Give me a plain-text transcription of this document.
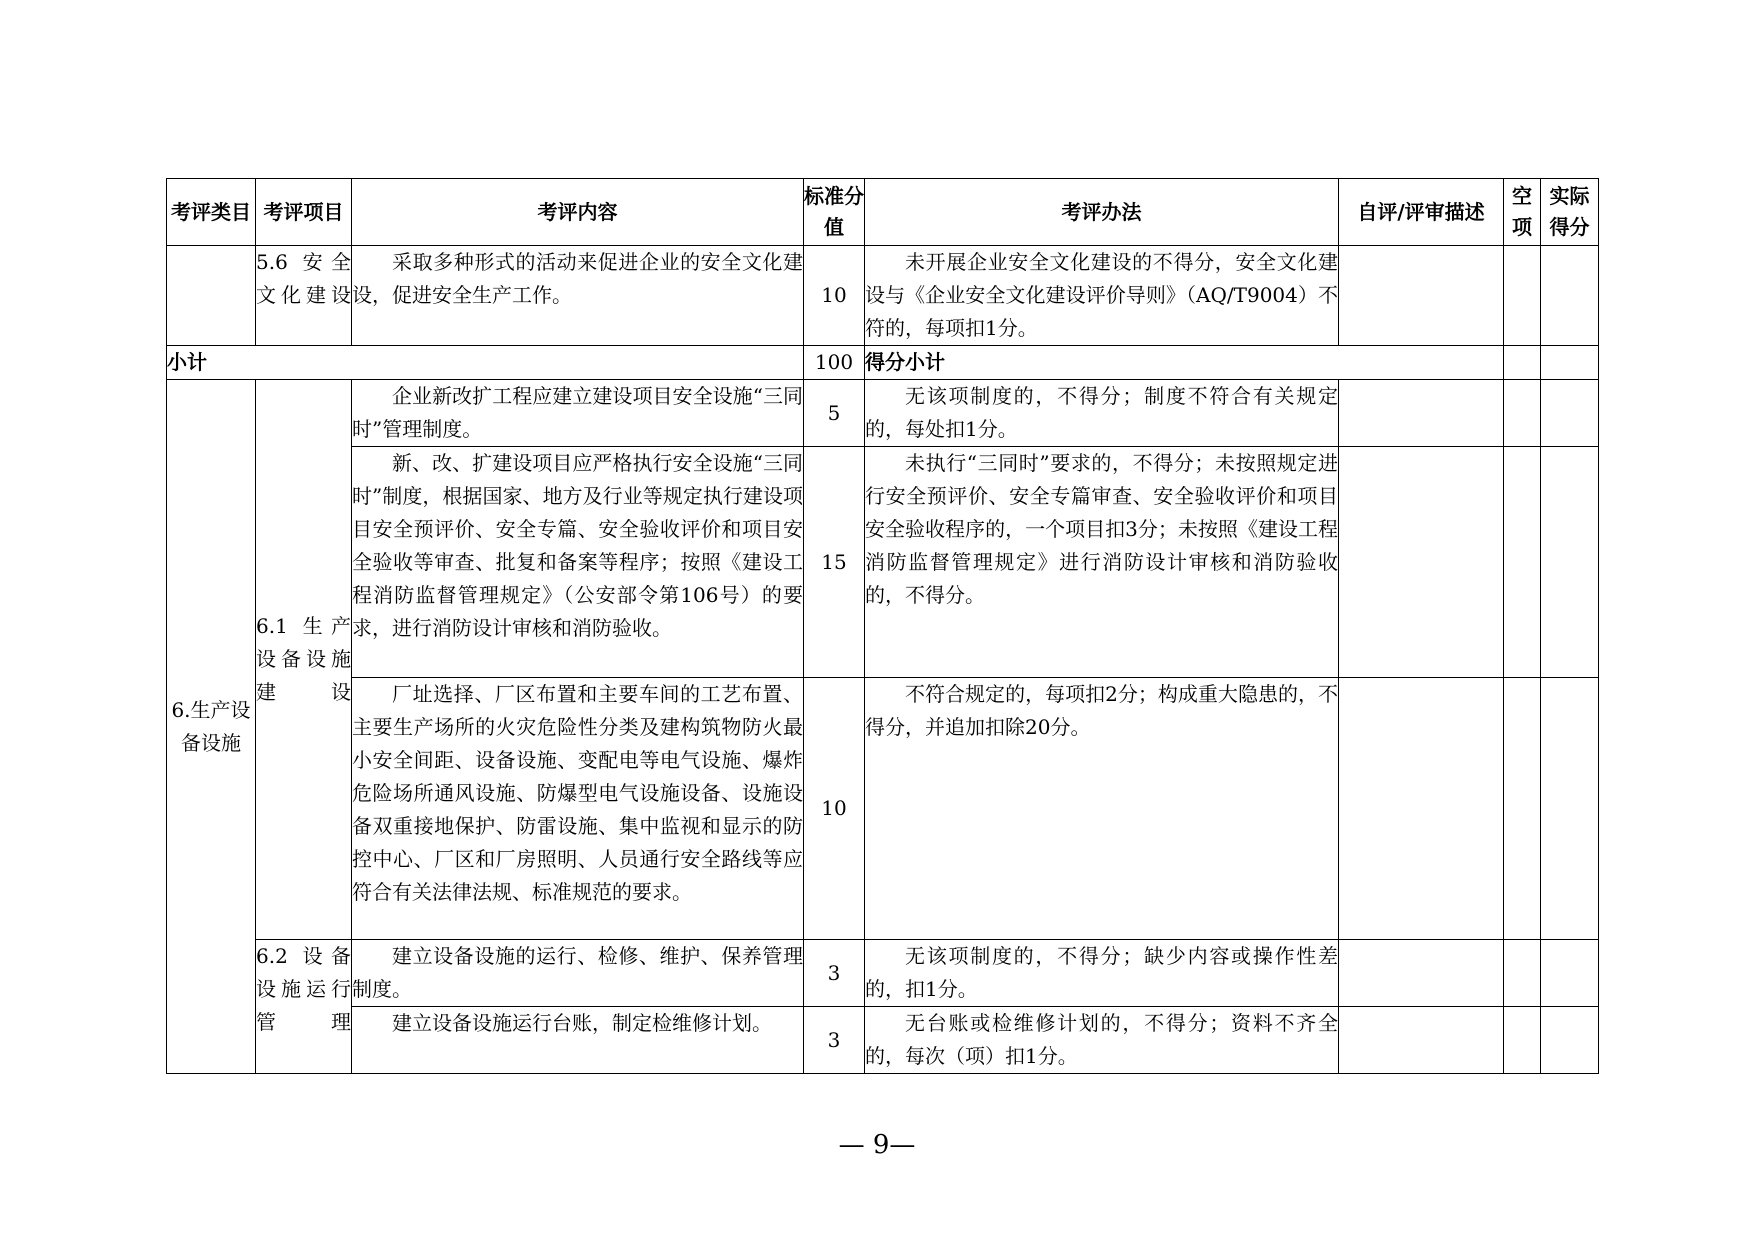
考评类目	考评项目	考评内容	标准分值	考评办法	自评/评审描述	空项	实际得分
	5.6 安全文化建设	采取多种形式的活动来促进企业的安全文化建设，促进安全生产工作。	10	未开展企业安全文化建设的不得分，安全文化建设与《企业安全文化建设评价导则》（AQ/T9004）不符的，每项扣1分。			
小计			100	得分小计			
6.生产设备设施	6.1 生产设备设施建设	企业新改扩工程应建立建设项目安全设施“三同时”管理制度。	5	无该项制度的，不得分；制度不符合有关规定的，每处扣1分。			
		新、改、扩建设项目应严格执行安全设施“三同时”制度，根据国家、地方及行业等规定执行建设项目安全预评价、安全专篇、安全验收评价和项目安全验收等审查、批复和备案等程序；按照《建设工程消防监督管理规定》（公安部令第106号）的要求，进行消防设计审核和消防验收。	15	未执行“三同时”要求的，不得分；未按照规定进行安全预评价、安全专篇审查、安全验收评价和项目安全验收程序的，一个项目扣3分；未按照《建设工程消防监督管理规定》进行消防设计审核和消防验收的，不得分。			
		厂址选择、厂区布置和主要车间的工艺布置、主要生产场所的火灾危险性分类及建构筑物防火最小安全间距、设备设施、变配电等电气设施、爆炸危险场所通风设施、防爆型电气设施设备、设施设备双重接地保护、防雷设施、集中监视和显示的防控中心、厂区和厂房照明、人员通行安全路线等应符合有关法律法规、标准规范的要求。	10	不符合规定的，每项扣2分；构成重大隐患的，不得分，并追加扣除20分。			
	6.2 设备设施运行管理	建立设备设施的运行、检修、维护、保养管理制度。	3	无该项制度的，不得分；缺少内容或操作性差的，扣1分。			
		建立设备设施运行台账，制定检维修计划。	3	无台账或检维修计划的，不得分；资料不齐全的，每次（项）扣1分。			
— 9—
